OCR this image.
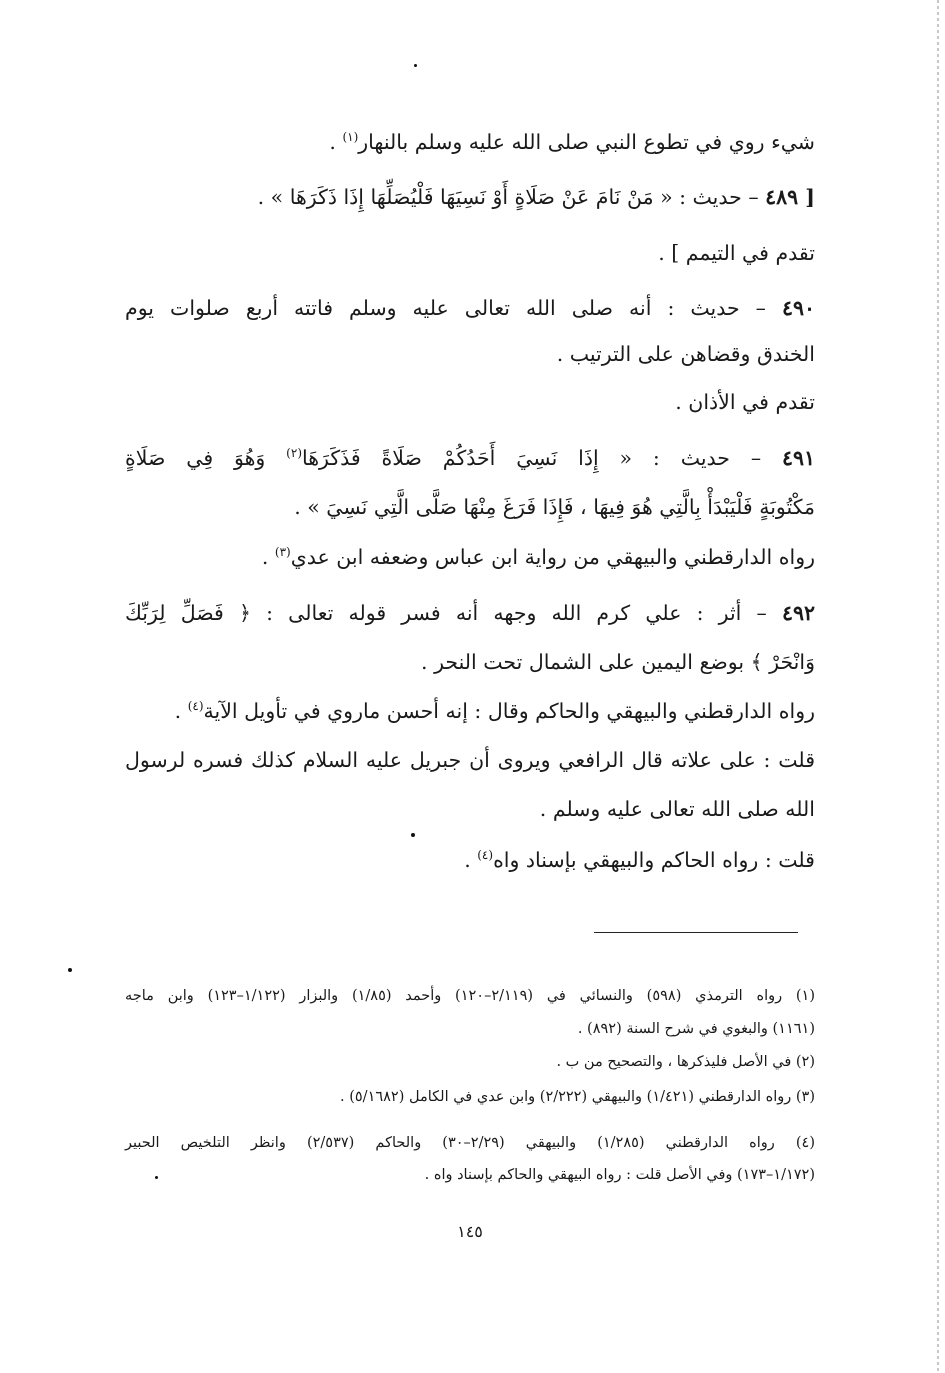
شيء روي في تطوع النبي صلى الله عليه وسلم بالنهار$^{(١)}$ .
[ ٤٨٩ – حديث : « مَنْ نَامَ عَنْ صَلَاةٍ أَوْ نَسِيَهَا فَلْيُصَلِّهَا إِذَا ذَكَرَهَا » .
تقدم في التيمم ] .
٤٩٠ – حديث : أنه صلى الله تعالى عليه وسلم فاتته أربع صلوات يوم
الخندق وقضاهن على الترتيب .
تقدم في الأذان .
٤٩١ – حديث : « إِذَا نَسِيَ أَحَدُكُمْ صَلَاةً فَذَكَرَهَا$^{(٢)}$ وَهُوَ فِي صَلَاةٍ
مَكْتُوبَةٍ فَلْيَبْدَأْ بِالَّتِي هُوَ فِيهَا ، فَإِذَا فَرَغَ مِنْهَا صَلَّى الَّتِي نَسِيَ » .
رواه الدارقطني والبيهقي من رواية ابن عباس وضعفه ابن عدي$^{(٣)}$ .
٤٩٢ – أثر : علي كرم الله وجهه أنه فسر قوله تعالى : ﴿ فَصَلِّ لِرَبِّكَ
وَانْحَرْ ﴾ بوضع اليمين على الشمال تحت النحر .
رواه الدارقطني والبيهقي والحاكم وقال : إنه أحسن ماروي في تأويل الآية$^{(٤)}$ .
قلت : على علاته قال الرافعي ويروى أن جبريل عليه السلام كذلك فسره لرسول
الله صلى الله تعالى عليه وسلم .
قلت : رواه الحاكم والبيهقي بإسناد واه$^{(٤)}$ .
(١) رواه الترمذي (٥٩٨) والنسائي في (٢/١١٩–١٢٠) وأحمد (١/٨٥) والبزار (١/١٢٢–١٢٣) وابن ماجه
(١١٦١) والبغوي في شرح السنة (٨٩٢) .
(٢) في الأصل فليذكرها ، والتصحيح من ب .
(٣) رواه الدارقطني (١/٤٢١) والبيهقي (٢/٢٢٢) وابن عدي في الكامل (٥/١٦٨٢) .
(٤) رواه الدارقطني (١/٢٨٥) والبيهقي (٢/٢٩–٣٠) والحاكم (٢/٥٣٧) وانظر التلخيص الحبير
(١/١٧٢–١٧٣) وفي الأصل قلت : رواه البيهقي والحاكم بإسناد واه .
١٤٥
